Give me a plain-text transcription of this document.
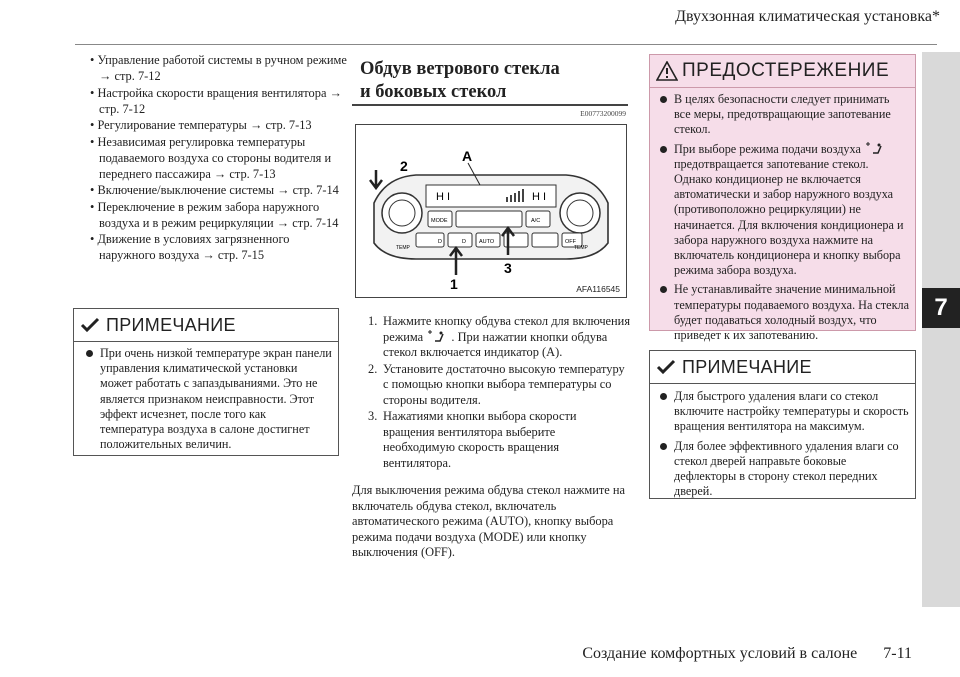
Двухзонная климатическая установка*
7
• Управление работой системы в ручном режиме → стр. 7-12
• Настройка скорости вращения вентилятора → стр. 7-12
• Регулирование температуры → стр. 7-13
• Независимая регулировка температуры подаваемого воздуха со стороны водителя и переднего пассажира → стр. 7-13
• Включение/выключение системы → стр. 7-14
• Переключение в режим забора наружного воздуха и в режим рециркуляции → стр. 7-14
• Движение в условиях загрязненного наружного воздуха → стр. 7-15
ПРИМЕЧАНИЕ
При очень низкой температуре экран панели управления климатической установки может работать с запаздываниями. Это не является признаком неисправности. Этот эффект исчезнет, после того как температура воздуха в салоне достигнет положительных величин.
Обдув ветрового стекла
и боковых стекол
E00773200099
TEMP	TEMP
H I	H I
MODE	A/C
AUTO	OFF
D	D
A
2
1
3
AFA116545
1. Нажмите кнопку обдува стекол для включения режима . При нажатии кнопки обдува стекол включается индикатор (A).
2. Установите достаточно высокую температуру с помощью кнопки выбора температуры со стороны водителя.
3. Нажатиями кнопки выбора скорости вращения вентилятора выберите необходимую скорость вращения вентилятора.

Для выключения режима обдува стекол нажмите на включатель обдува стекол, включатель автоматического режима (AUTO), кнопку выбора режима подачи воздуха (MODE) или кнопку выключения (OFF).

ПРЕДОСТЕРЕЖЕНИЕ
В целях безопасности следует принимать все меры, предотвращающие запотевание стекол.
При выборе режима подачи воздуха  предотвращается запотевание стекол. Однако кондиционер не включается автоматически и забор наружного воздуха (противоположно рециркуляции) не начинается. Для включения кондиционера и забора наружного воздуха нажмите на включатель кондиционера и кнопку выбора режима забора воздуха.
Не устанавливайте значение минимальной температуры подаваемого воздуха. На стекла будет подаваться холодный воздух, что приведет к их запотеванию.
ПРИМЕЧАНИЕ
Для быстрого удаления влаги со стекол включите настройку температуры и скорость вращения вентилятора на максимум.
Для более эффективного удаления влаги со стекол дверей направьте боковые дефлекторы в сторону стекол передних дверей.
Создание комфортных условий в салоне 7-11
